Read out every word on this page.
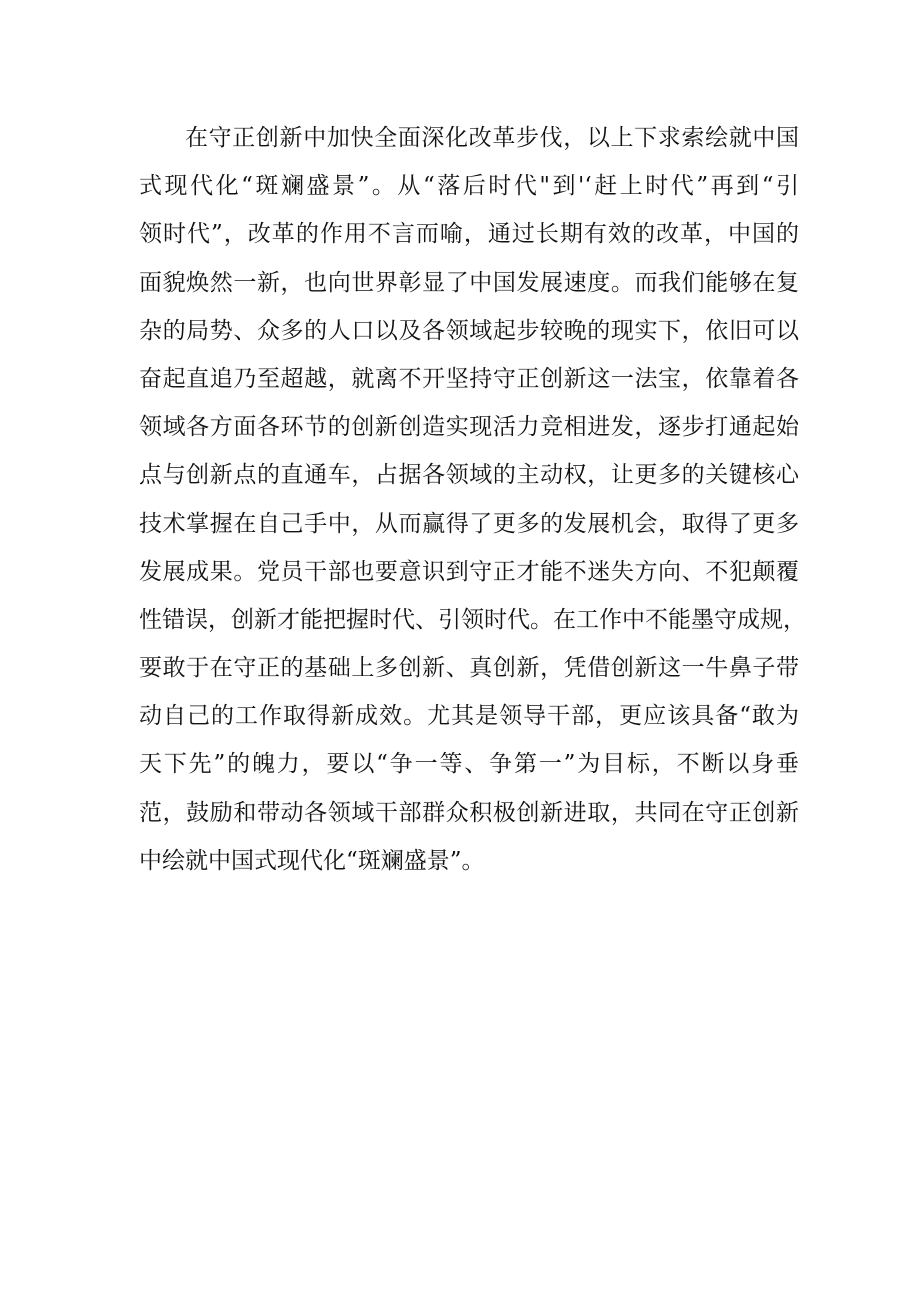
在守正创新中加快全面深化改革步伐，以上下求索绘就中国
式现代化“斑斓盛景”。从“落后时代"到'‘赶上时代”再到“引
领时代”，改革的作用不言而喻，通过长期有效的改革，中国的
面貌焕然一新，也向世界彰显了中国发展速度。而我们能够在复
杂的局势、众多的人口以及各领域起步较晚的现实下，依旧可以
奋起直追乃至超越，就离不开坚持守正创新这一法宝，依靠着各
领域各方面各环节的创新创造实现活力竞相进发，逐步打通起始
点与创新点的直通车，占据各领域的主动权，让更多的关键核心
技术掌握在自己手中，从而赢得了更多的发展机会，取得了更多
发展成果。党员干部也要意识到守正才能不迷失方向、不犯颠覆
性错误，创新才能把握时代、引领时代。在工作中不能墨守成规，
要敢于在守正的基础上多创新、真创新，凭借创新这一牛鼻子带
动自己的工作取得新成效。尤其是领导干部，更应该具备“敢为
天下先”的魄力，要以“争一等、争第一”为目标，不断以身垂
范，鼓励和带动各领域干部群众积极创新进取，共同在守正创新
中绘就中国式现代化“斑斓盛景”。
